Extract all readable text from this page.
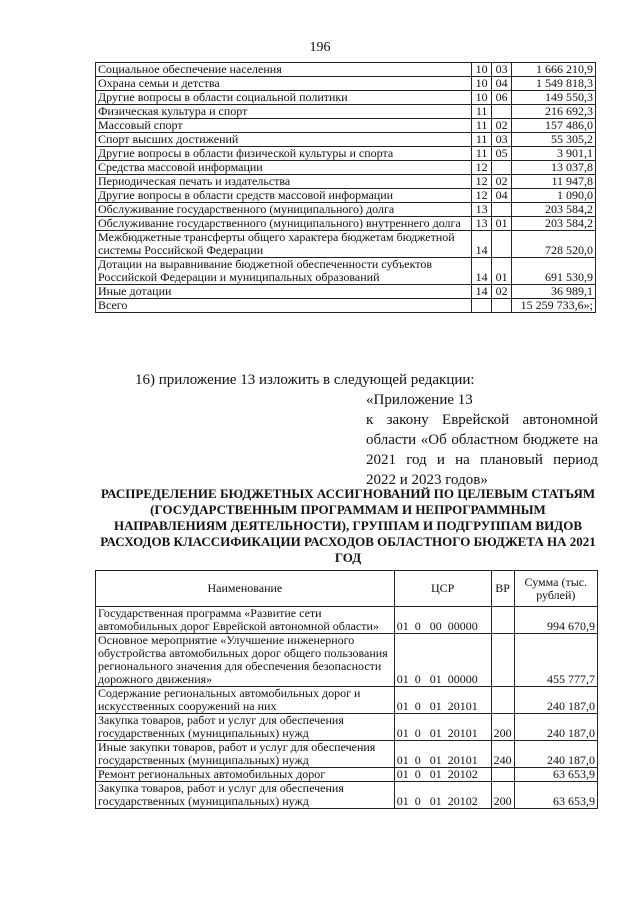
196
Социальное обеспечение населения	10	03	1 666 210,9
Охрана семьи и детства	10	04	1 549 818,3
Другие вопросы в области социальной политики	10	06	149 550,3
Физическая культура и спорт	11		216 692,3
Массовый спорт	11	02	157 486,0
Спорт высших достижений	11	03	55 305,2
Другие вопросы в области физической культуры и спорта	11	05	3 901,1
Средства массовой информации	12		13 037,8
Периодическая печать и издательства	12	02	11 947,8
Другие вопросы в области средств массовой информации	12	04	1 090,0
Обслуживание государственного (муниципального) долга	13		203 584,2
Обслуживание государственного (муниципального) внутреннего долга	13	01	203 584,2
Межбюджетные трансферты общего характера бюджетам бюджетной системы Российской Федерации	14		728 520,0
Дотации на выравнивание бюджетной обеспеченности субъектов Российской Федерации и муниципальных образований	14	01	691 530,9
Иные дотации	14	02	36 989,1
Всего			15 259 733,6»;
16) приложение 13 изложить в следующей редакции:
«Приложение 13
к закону Еврейской автономной области «Об областном бюджете на 2021 год и на плановый период 2022 и 2023 годов»
РАСПРЕДЕЛЕНИЕ БЮДЖЕТНЫХ АССИГНОВАНИЙ ПО ЦЕЛЕВЫМ СТАТЬЯМ (ГОСУДАРСТВЕННЫМ ПРОГРАММАМ И НЕПРОГРАММНЫМ НАПРАВЛЕНИЯМ ДЕЯТЕЛЬНОСТИ), ГРУППАМ И ПОДГРУППАМ ВИДОВ РАСХОДОВ КЛАССИФИКАЦИИ РАСХОДОВ ОБЛАСТНОГО БЮДЖЕТА НА 2021 ГОД
Наименование	ЦСР	ВР	Сумма (тыс. рублей)
Государственная программа «Развитие сети автомобильных дорог Еврейской автономной области»	01  0   00  00000		994 670,9
Основное мероприятие «Улучшение инженерного обустройства автомобильных дорог общего пользования регионального значения для обеспечения безопасности дорожного движения»	01  0   01  00000		455 777,7
Содержание региональных автомобильных дорог и искусственных сооружений на них	01  0   01  20101		240 187,0
Закупка товаров, работ и услуг для обеспечения государственных (муниципальных) нужд	01  0   01  20101	200	240 187,0
Иные закупки товаров, работ и услуг для обеспечения государственных (муниципальных) нужд	01  0   01  20101	240	240 187,0
Ремонт региональных автомобильных дорог	01  0   01  20102		63 653,9
Закупка товаров, работ и услуг для обеспечения государственных (муниципальных) нужд	01  0   01  20102	200	63 653,9
